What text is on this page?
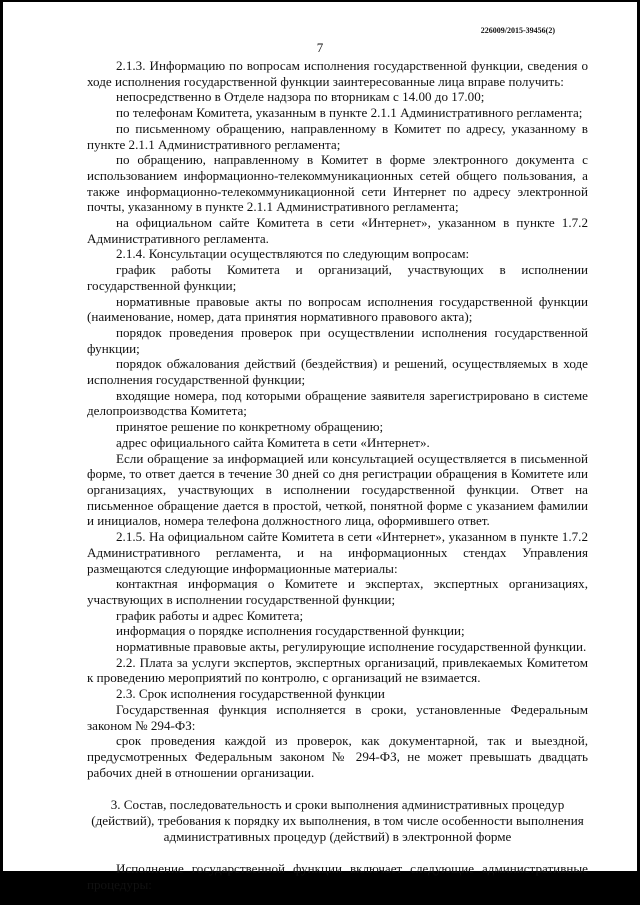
226009/2015-39456(2)
7

2.1.3. Информацию по вопросам исполнения государственной функции, сведения о ходе исполнения государственной функции заинтересованные лица вправе получить:

непосредственно в Отделе надзора по вторникам с 14.00 до 17.00;

по телефонам Комитета, указанным в пункте 2.1.1 Административного регламента;

по письменному обращению, направленному в Комитет по адресу, указанному в пункте 2.1.1 Административного регламента;

по обращению, направленному в Комитет в форме электронного документа с использованием информационно-телекоммуникационных сетей общего пользования, а также информационно-телекоммуникационной сети Интернет по адресу электронной почты, указанному в пункте 2.1.1 Административного регламента;

на официальном сайте Комитета в сети «Интернет», указанном в пункте 1.7.2 Административного регламента.

2.1.4. Консультации осуществляются по следующим вопросам:

график работы Комитета и организаций, участвующих в исполнении государственной функции;

нормативные правовые акты по вопросам исполнения государственной функции (наименование, номер, дата принятия нормативного правового акта);

порядок проведения проверок при осуществлении исполнения государственной функции;

порядок обжалования действий (бездействия) и решений, осуществляемых в ходе исполнения государственной функции;

входящие номера, под которыми обращение заявителя зарегистрировано в системе делопроизводства Комитета;

принятое решение по конкретному обращению;

адрес официального сайта Комитета в сети «Интернет».

Если обращение за информацией или консультацией осуществляется в письменной форме, то ответ дается в течение 30 дней со дня регистрации обращения в Комитете или организациях, участвующих в исполнении государственной функции. Ответ на письменное обращение дается в простой, четкой, понятной форме с указанием фамилии и инициалов, номера телефона должностного лица, оформившего ответ.

2.1.5. На официальном сайте Комитета в сети «Интернет», указанном в пункте 1.7.2 Административного регламента, и на информационных стендах Управления размещаются следующие информационные материалы:

контактная информация о Комитете и экспертах, экспертных организациях, участвующих в исполнении государственной функции;

график работы и адрес Комитета;

информация о порядке исполнения государственной функции;

нормативные правовые акты, регулирующие исполнение государственной функции.

2.2. Плата за услуги экспертов, экспертных организаций, привлекаемых Комитетом к проведению мероприятий по контролю, с организаций не взимается.

2.3. Срок исполнения государственной функции

Государственная функция исполняется в сроки, установленные Федеральным законом № 294-ФЗ:

срок проведения каждой из проверок, как документарной, так и выездной, предусмотренных Федеральным законом № 294-ФЗ, не может превышать двадцать рабочих дней в отношении организации.

3. Состав, последовательность и сроки выполнения административных процедур (действий), требования к порядку их выполнения, в том числе особенности выполнения административных процедур (действий) в электронной форме

Исполнение государственной функции включает следующие административные процедуры:
